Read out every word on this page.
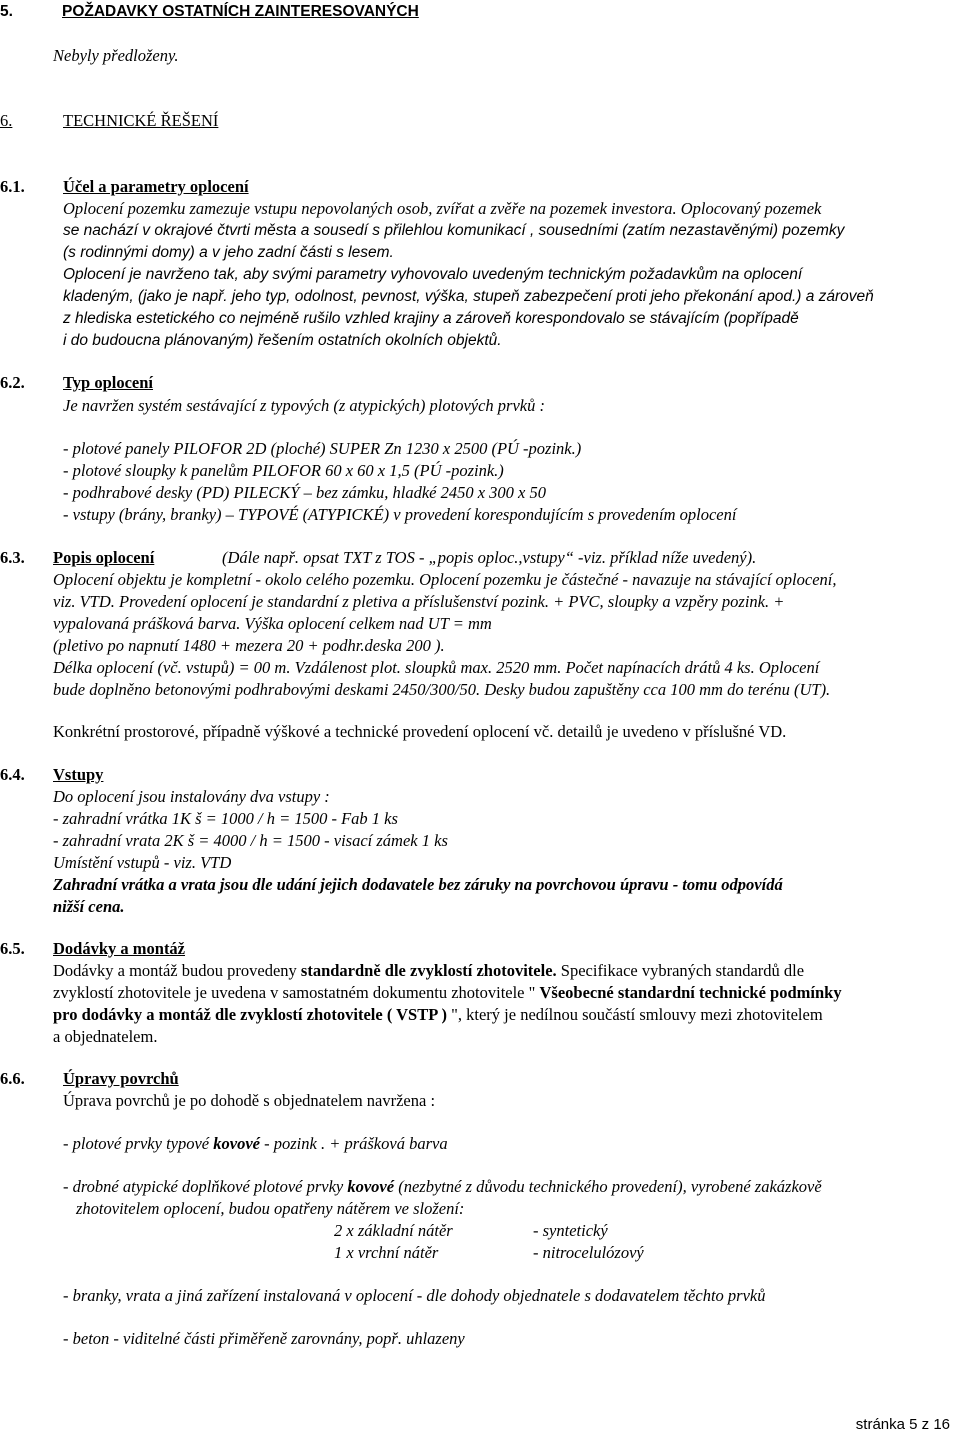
5.	POŽADAVKY OSTATNÍCH ZAINTERESOVANÝCH
Nebyly předloženy.
6.	TECHNICKÉ ŘEŠENÍ
6.1. Účel a parametry oplocení
Oplocení pozemku zamezuje vstupu nepovolaných osob, zvířat a zvěře na pozemek investora. Oplocovaný pozemek
se nachází v okrajové čtvrti města a sousedí s přilehlou komunikací , sousedními (zatím nezastavěnými) pozemky
(s rodinnými domy) a v jeho zadní části s lesem.
Oplocení je navrženo tak, aby svými parametry vyhovovalo uvedeným technickým požadavkům na oplocení
kladeným, (jako je např. jeho typ, odolnost, pevnost, výška, stupeň zabezpečení proti jeho překonání apod.) a zároveň
z hlediska estetického co nejméně rušilo vzhled krajiny a zároveň korespondovalo se stávajícím (popřípadě
i do budoucna plánovaným) řešením ostatních okolních objektů.
6.2. Typ oplocení
Je navržen systém sestávající z typových (z atypických) plotových prvků :
- plotové panely PILOFOR 2D (ploché) SUPER Zn 1230 x 2500 (PÚ -pozink.)
- plotové sloupky k panelům PILOFOR 60 x 60 x 1,5 (PÚ -pozink.)
- podhrabové desky (PD) PILECKÝ – bez zámku, hladké 2450 x 300 x 50
- vstupy (brány, branky) – TYPOVÉ (ATYPICKÉ) v provedení korespondujícím s provedením oplocení
6.3. Popis oplocení	(Dále např. opsat TXT z TOS - „popis oploc.,vstupy“ -viz. příklad níže uvedený).
Oplocení objektu je kompletní - okolo celého pozemku. Oplocení pozemku je částečné - navazuje na stávající oplocení,
viz. VTD. Provedení oplocení je standardní z pletiva a příslušenství pozink. + PVC, sloupky a vzpěry pozink. +
vypalovaná prášková barva. Výška oplocení celkem nad UT = mm
(pletivo po napnutí 1480 + mezera 20 + podhr.deska 200 ).
Délka oplocení (vč. vstupů) = 00 m. Vzdálenost plot. sloupků max. 2520 mm. Počet napínacích drátů 4 ks. Oplocení
bude doplněno betonovými podhrabovými deskami 2450/300/50. Desky budou zapuštěny cca 100 mm do terénu (UT).
Konkrétní prostorové, případně výškové a technické provedení oplocení vč. detailů je uvedeno v příslušné VD.
6.4. Vstupy
Do oplocení jsou instalovány dva vstupy :
- zahradní vrátka 1K š = 1000 / h = 1500 - Fab 1 ks
- zahradní vrata 2K š = 4000 / h = 1500 - visací zámek 1 ks
Umístění vstupů - viz. VTD
Zahradní vrátka a vrata jsou dle udání jejich dodavatele bez záruky na povrchovou úpravu - tomu odpovídá
nižší cena.
6.5. Dodávky a montáž
Dodávky a montáž budou provedeny standardně dle zvyklostí zhotovitele. Specifikace vybraných standardů dle
zvyklostí zhotovitele je uvedena v samostatném dokumentu zhotovitele " Všeobecné standardní technické podmínky
pro dodávky a montáž dle zvyklostí zhotovitele ( VSTP ) ", který je nedílnou součástí smlouvy mezi zhotovitelem
a objednatelem.
6.6. Úpravy povrchů
Úprava povrchů je po dohodě s objednatelem navržena :
- plotové prvky typové kovové - pozink . + prášková barva
- drobné atypické doplňkové plotové prvky kovové (nezbytné z důvodu technického provedení), vyrobené zakázkově
zhotovitelem oplocení, budou opatřeny nátěrem ve složení:
2 x základní nátěr	- syntetický
1 x vrchní nátěr	- nitrocelulózový
- branky, vrata a jiná zařízení instalovaná v oplocení - dle dohody objednatele s dodavatelem těchto prvků
- beton - viditelné části přiměřeně zarovnány, popř. uhlazeny
stránka 5 z 16
